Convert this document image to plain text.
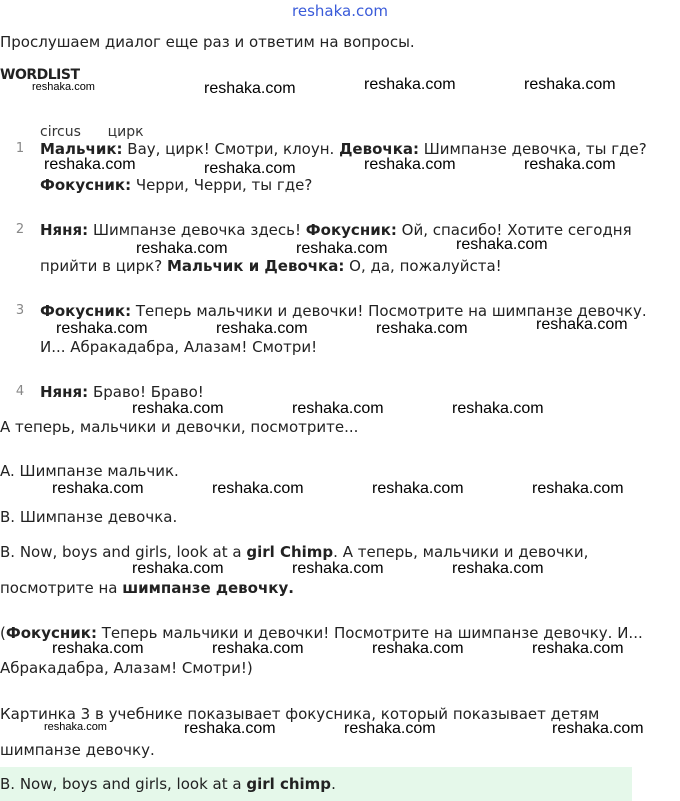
reshaka.com
Прослушаем диалог еще раз и ответим на вопросы.
WORDLIST
circus цирк
1 Мальчик: Вау, цирк! Смотри, клоун. Девочка: Шимпанзе девочка, ты где?
Фокусник: Черри, Черри, ты где?
2 Няня: Шимпанзе девочка здесь! Фокусник: Ой, спасибо! Хотите сегодня
прийти в цирк? Мальчик и Девочка: О, да, пожалуйста!
3 Фокусник: Теперь мальчики и девочки! Посмотрите на шимпанзе девочку.
И... Абракадабра, Алазам! Смотри!
4 Няня: Браво! Браво!
А теперь, мальчики и девочки, посмотрите...
A. Шимпанзе мальчик.
B. Шимпанзе девочка.
B. Now, boys and girls, look at a girl Chimp. А теперь, мальчики и девочки,
посмотрите на шимпанзе девочку.
(Фокусник: Теперь мальчики и девочки! Посмотрите на шимпанзе девочку. И...
Абракадабра, Алазам! Смотри!)
Картинка 3 в учебнике показывает фокусника, который показывает детям
шимпанзе девочку.
B. Now, boys and girls, look at a girl chimp.
reshaka.com	reshaka.com	reshaka.com	reshaka.com
reshaka.com	reshaka.com	reshaka.com	reshaka.com
reshaka.com	reshaka.com	reshaka.com
reshaka.com	reshaka.com	reshaka.com	reshaka.com
reshaka.com	reshaka.com	reshaka.com
reshaka.com	reshaka.com	reshaka.com	reshaka.com
reshaka.com	reshaka.com	reshaka.com
reshaka.com	reshaka.com	reshaka.com	reshaka.com
reshaka.com	reshaka.com	reshaka.com	reshaka.com
